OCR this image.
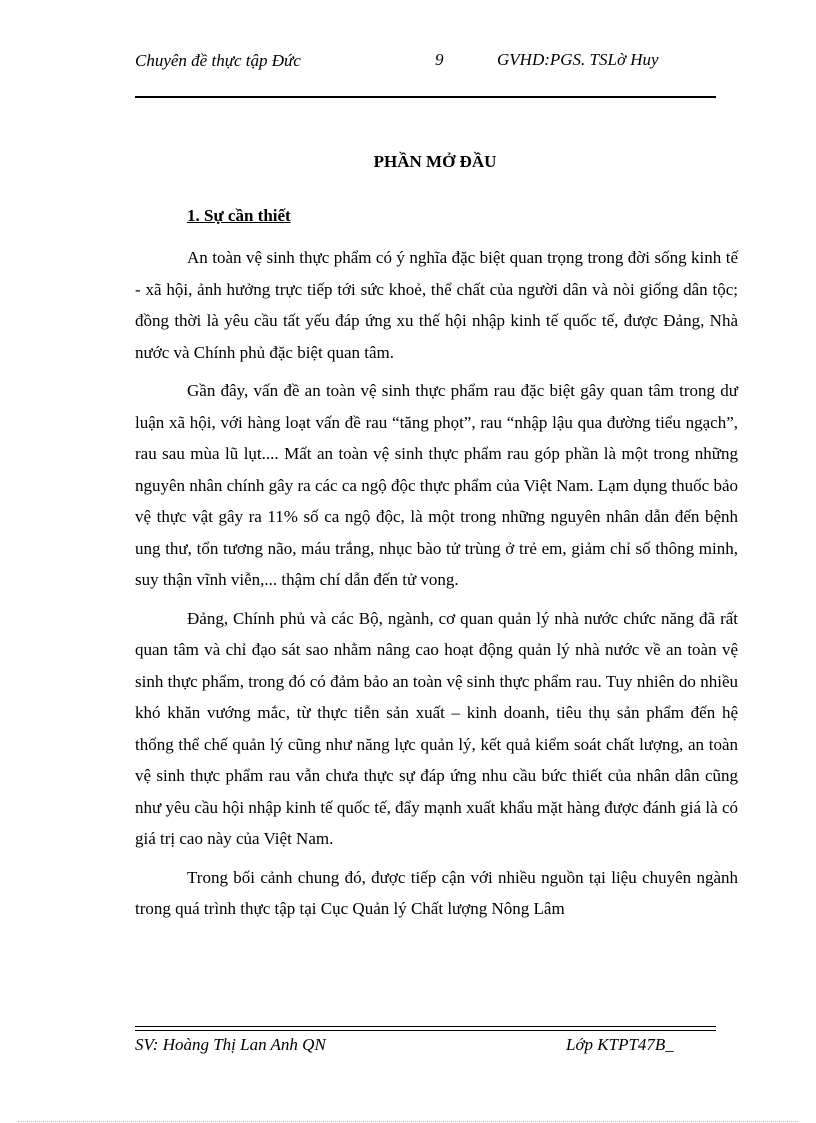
Chuyên đề thực tập Đức	9	GVHD:PGS. TSLờ Huy
PHẦN MỞ ĐẦU
1. Sự cần thiết

An toàn vệ sinh thực phẩm có ý nghĩa đặc biệt quan trọng trong đời sống kinh tế - xã hội, ảnh hưởng trực tiếp tới sức khoẻ, thể chất của người dân và nòi giống dân tộc; đồng thời là yêu cầu tất yếu đáp ứng xu thế hội nhập kinh tế quốc tế, được Đảng, Nhà nước và Chính phủ đặc biệt quan tâm.

Gần đây, vấn đề an toàn vệ sinh thực phẩm rau đặc biệt gây quan tâm trong dư luận xã hội, với hàng loạt vấn đề rau “tăng phọt”, rau “nhập lậu qua đường tiểu ngạch”, rau sau mùa lũ lụt.... Mất an toàn vệ sinh thực phẩm rau góp phần là một trong những nguyên nhân chính gây ra các ca ngộ độc thực phẩm của Việt Nam. Lạm dụng thuốc bảo vệ thực vật gây ra 11% số ca ngộ độc, là một trong những nguyên nhân dẫn đến bệnh ung thư, tổn tương não, máu trắng, nhục bào tử trùng ở trẻ em, giảm chỉ số thông minh, suy thận vĩnh viễn,... thậm chí dẫn đến tử vong.

Đảng, Chính phủ và các Bộ, ngành, cơ quan quản lý nhà nước chức năng đã rất quan tâm và chỉ đạo sát sao nhằm nâng cao hoạt động quản lý nhà nước về an toàn vệ sinh thực phẩm, trong đó có đảm bảo an toàn vệ sinh thực phẩm rau. Tuy nhiên do nhiều khó khăn vướng mắc, từ thực tiễn sản xuất – kinh doanh, tiêu thụ sản phẩm đến hệ thống thể chế quản lý cũng như năng lực quản lý, kết quả kiểm soát chất lượng, an toàn vệ sinh thực phẩm rau vẫn chưa thực sự đáp ứng nhu cầu bức thiết của nhân dân cũng như yêu cầu hội nhập kinh tế quốc tế, đẩy mạnh xuất khẩu mặt hàng được đánh giá là có giá trị cao này của Việt Nam.

Trong bối cảnh chung đó, được tiếp cận với nhiều nguồn tại liệu chuyên ngành trong quá trình thực tập tại Cục Quản lý Chất lượng Nông Lâm

SV: Hoàng Thị Lan Anh QN	Lớp KTPT47B_
